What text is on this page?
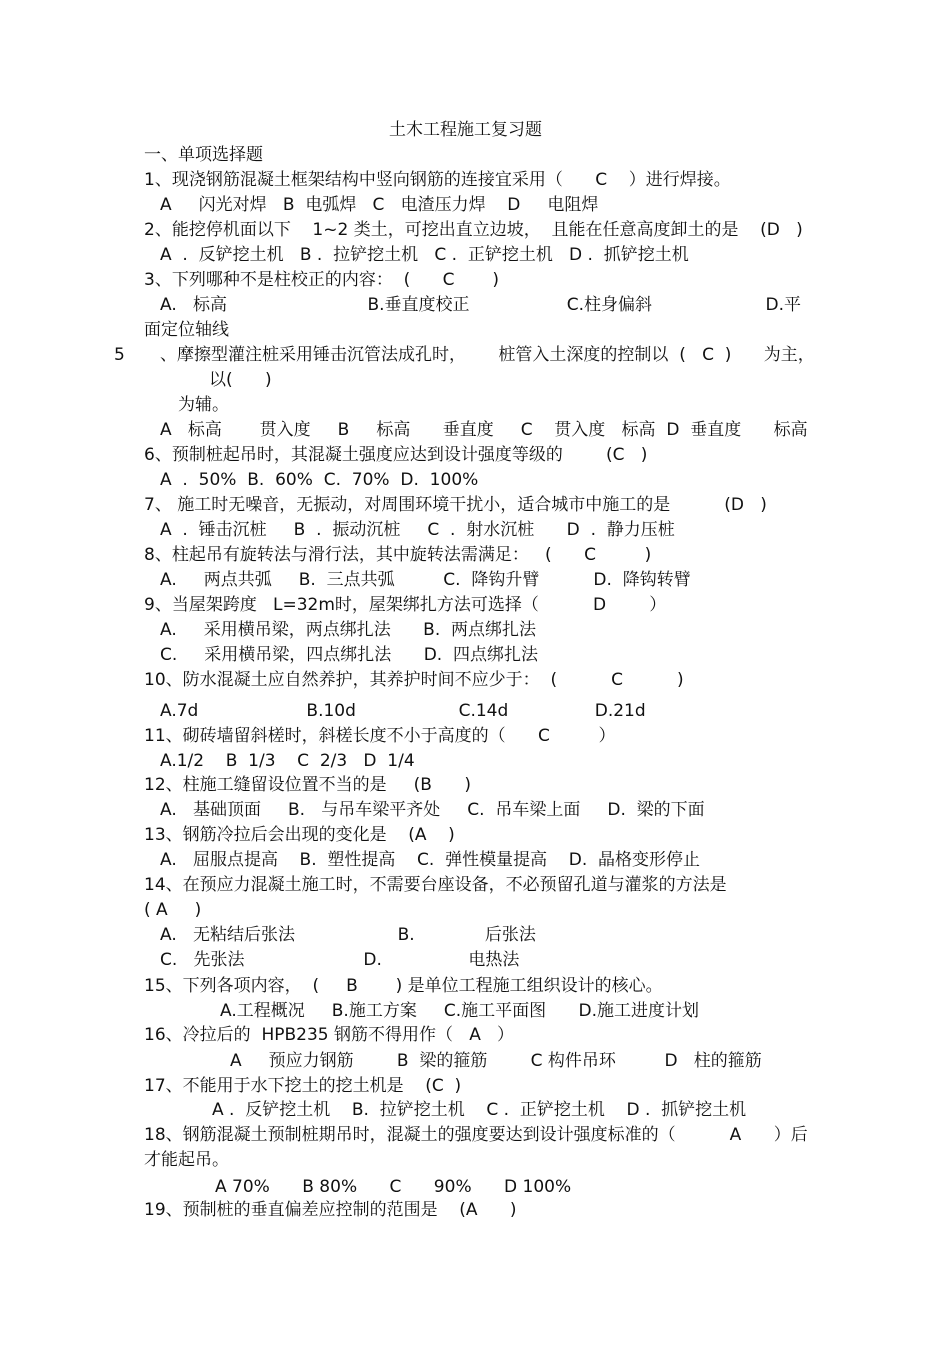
土木工程施工复习题
一、单项选择题
1、现浇钢筋混凝土框架结构中竖向钢筋的连接宜采用（      C    ）进行焊接。
A     闪光对焊   B  电弧焊   C   电渣压力焊    D     电阻焊
2、能挖停机面以下    1~2 类土，可挖出直立边坡，  且能在任意高度卸土的是    (D   )
A  .  反铲挖土机   B .  拉铲挖土机   C .  正铲挖土机   D .  抓铲挖土机
3、下列哪种不是柱校正的内容：  (      C       )
A.   标高                          B.垂直度校正                  C.柱身偏斜                     D.平
面定位轴线
5 、摩擦型灌注桩采用锤击沉管法成孔时，      桩管入土深度的控制以  (   C  )      为主，
以(      )
为辅。
A   标高       贯入度     B     标高      垂直度     C    贯入度   标高  D  垂直度      标高
6、预制桩起吊时，其混凝土强度应达到设计强度等级的        (C   )
A  .  50%  B.  60%  C.  70%  D.  100%
7、 施工时无噪音，无振动，对周围环境干扰小，适合城市中施工的是          (D   )
A  .  锤击沉桩     B  .  振动沉桩     C  .  射水沉桩      D  .  静力压桩
8、柱起吊有旋转法与滑行法，其中旋转法需满足：   (      C         )
A.     两点共弧     B.  三点共弧         C.  降钩升臂          D.  降钩转臂
9、当屋架跨度   L=32m时，屋架绑扎方法可选择（          D        ）
A.     采用横吊梁，两点绑扎法      B.  两点绑扎法
C.     采用横吊梁，四点绑扎法      D.  四点绑扎法
10、防水混凝土应自然养护，其养护时间不应少于：  (          C          )
A.7d                    B.10d                   C.14d                D.21d
11、砌砖墙留斜槎时，斜槎长度不小于高度的（      C         ）
A.1/2    B  1/3    C  2/3   D  1/4
12、柱施工缝留设位置不当的是     (B      )
A.   基础顶面     B.   与吊车梁平齐处     C.  吊车梁上面     D.  梁的下面
13、钢筋冷拉后会出现的变化是    (A    )
A.   屈服点提高    B.  塑性提高    C.  弹性模量提高    D.  晶格变形停止
14、在预应力混凝土施工时，不需要台座设备，不必预留孔道与灌浆的方法是
( A     )
A.   无粘结后张法                   B.             后张法
C.   先张法                      D.                电热法
15、下列各项内容，  (     B       ) 是单位工程施工组织设计的核心。
A.工程概况     B.施工方案     C.施工平面图      D.施工进度计划
16、冷拉后的  HPB235 钢筋不得用作（   A   ）
A     预应力钢筋        B  梁的箍筋        C 构件吊环         D   柱的箍筋
17、不能用于水下挖土的挖土机是    (C  )
A .  反铲挖土机    B.  拉铲挖土机    C .  正铲挖土机    D .  抓铲挖土机
18、钢筋混凝土预制桩期吊时，混凝土的强度要达到设计强度标准的（          A      ）后
才能起吊。
A 70%      B 80%      C      90%      D 100%
19、预制桩的垂直偏差应控制的范围是    (A      )
